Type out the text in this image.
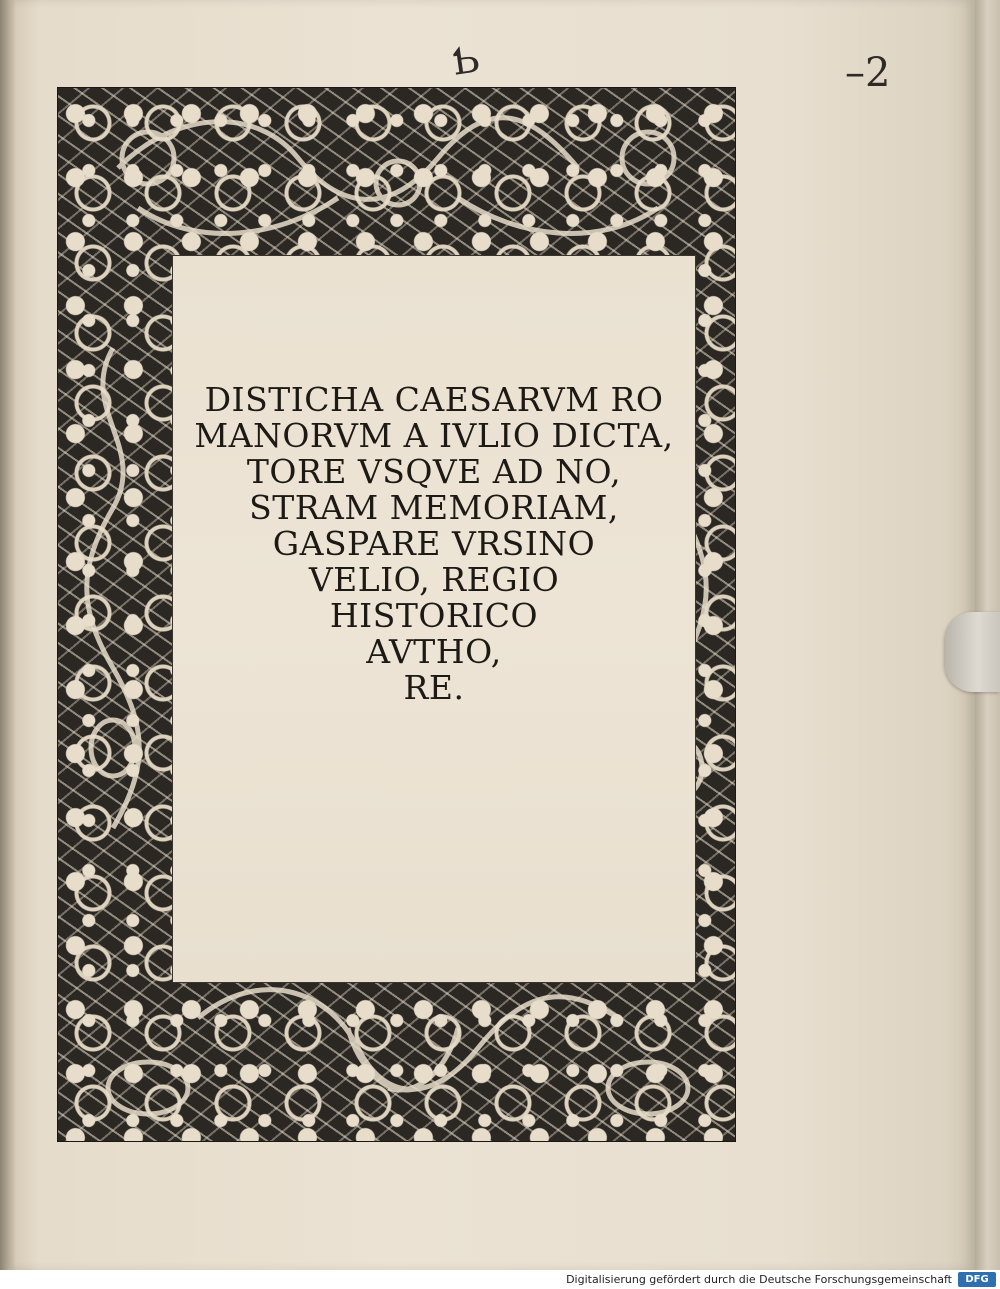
Ƅ	–2
DISTICHA CAESARVM RO
MANORVM A IVLIO DICTA,
TORE VSQVE AD NO,
STRAM MEMORIAM,
GASPARE VRSINO
VELIO, REGIO
HISTORICO
AVTHO,
RE.
Digitalisierung gefördert durch die Deutsche Forschungsgemeinschaft	DFG
